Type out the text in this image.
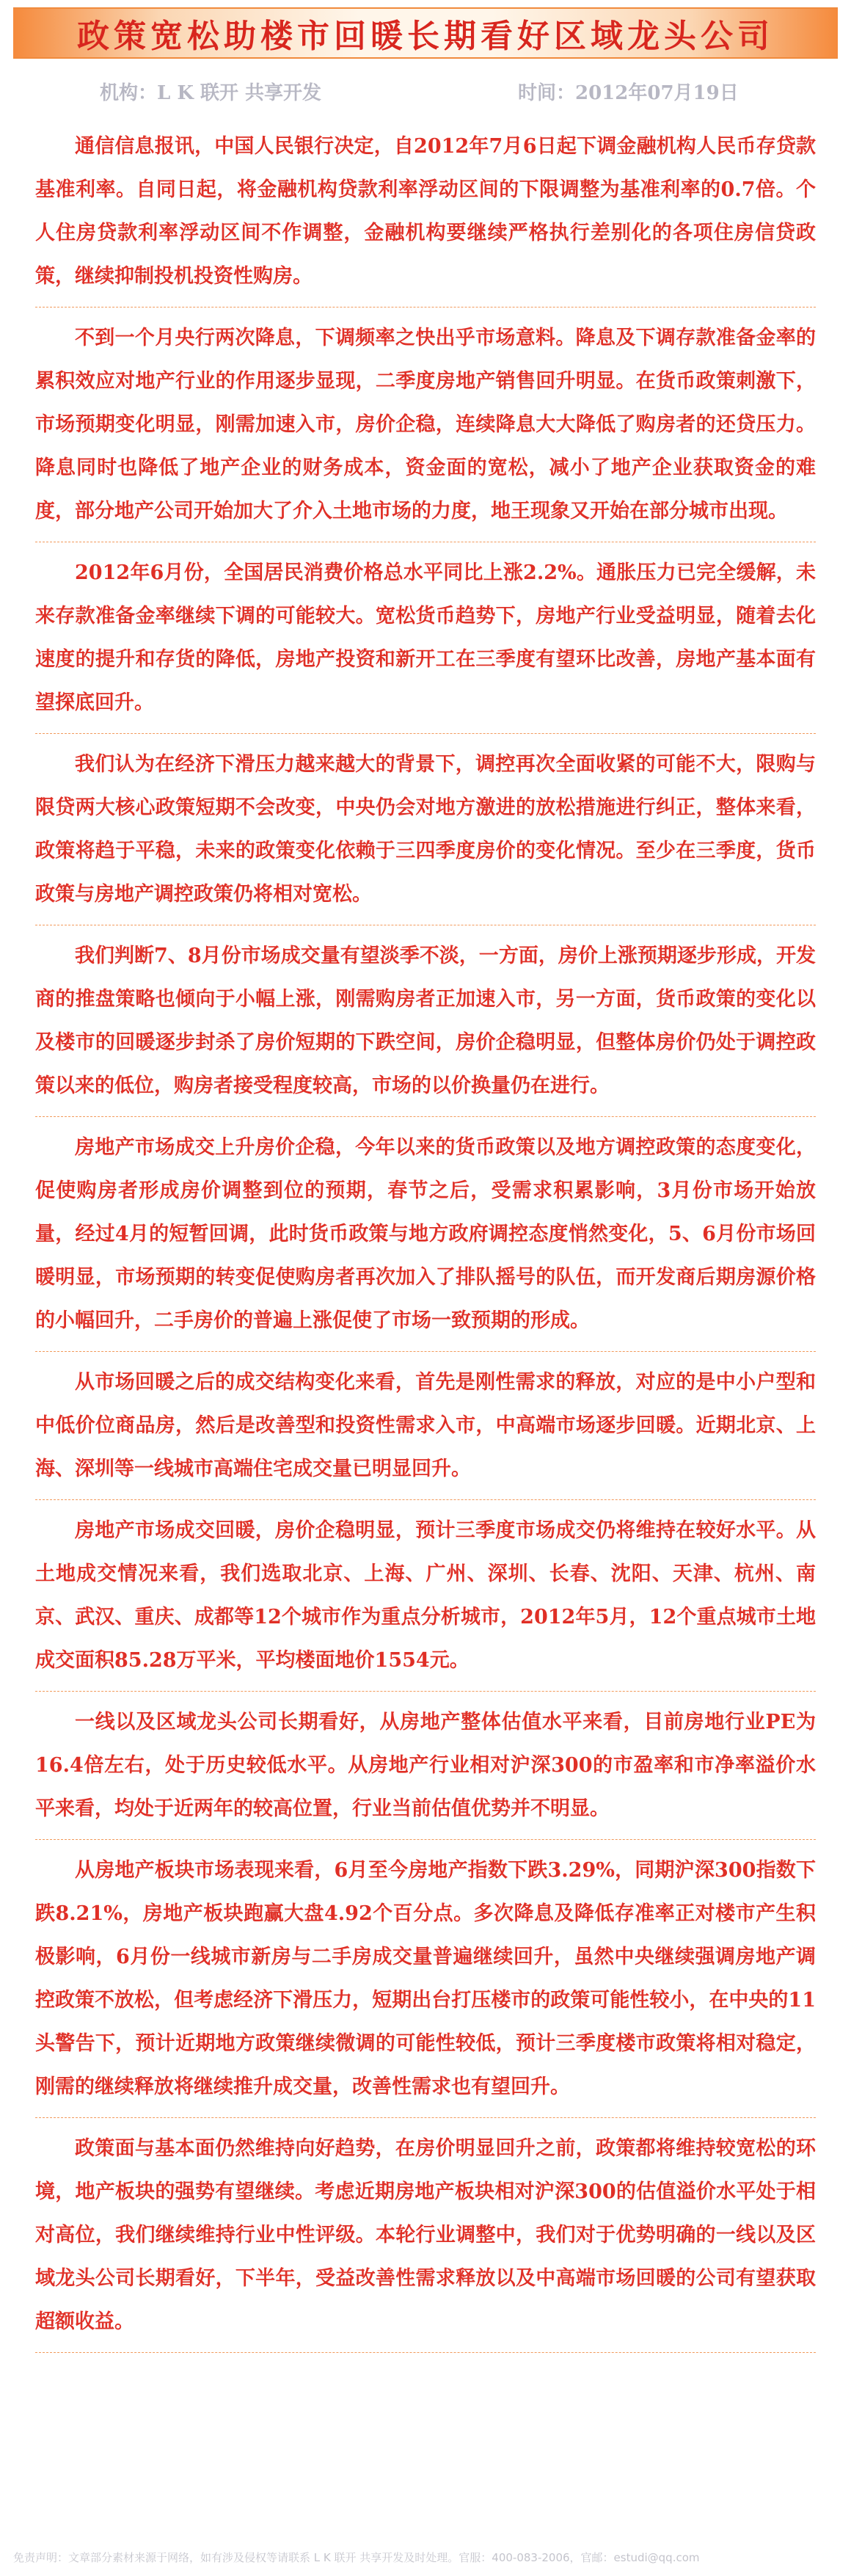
政策宽松助楼市回暖长期看好区域龙头公司
机构：L K 联开 共享开发	时间：2012年07月19日

通信信息报讯，中国人民银行决定，自2012年7月6日起下调金融机构人民币存贷款基准利率。自同日起，将金融机构贷款利率浮动区间的下限调整为基准利率的0.7倍。个人住房贷款利率浮动区间不作调整，金融机构要继续严格执行差别化的各项住房信贷政策，继续抑制投机投资性购房。

不到一个月央行两次降息，下调频率之快出乎市场意料。降息及下调存款准备金率的累积效应对地产行业的作用逐步显现，二季度房地产销售回升明显。在货币政策刺激下，市场预期变化明显，刚需加速入市，房价企稳，连续降息大大降低了购房者的还贷压力。降息同时也降低了地产企业的财务成本，资金面的宽松，减小了地产企业获取资金的难度，部分地产公司开始加大了介入土地市场的力度，地王现象又开始在部分城市出现。

2012年6月份，全国居民消费价格总水平同比上涨2.2%。通胀压力已完全缓解，未来存款准备金率继续下调的可能较大。宽松货币趋势下，房地产行业受益明显，随着去化速度的提升和存货的降低，房地产投资和新开工在三季度有望环比改善，房地产基本面有望探底回升。

我们认为在经济下滑压力越来越大的背景下，调控再次全面收紧的可能不大，限购与限贷两大核心政策短期不会改变，中央仍会对地方激进的放松措施进行纠正，整体来看，政策将趋于平稳，未来的政策变化依赖于三四季度房价的变化情况。至少在三季度，货币政策与房地产调控政策仍将相对宽松。

我们判断7、8月份市场成交量有望淡季不淡，一方面，房价上涨预期逐步形成，开发商的推盘策略也倾向于小幅上涨，刚需购房者正加速入市，另一方面，货币政策的变化以及楼市的回暖逐步封杀了房价短期的下跌空间，房价企稳明显，但整体房价仍处于调控政策以来的低位，购房者接受程度较高，市场的以价换量仍在进行。

房地产市场成交上升房价企稳，今年以来的货币政策以及地方调控政策的态度变化，促使购房者形成房价调整到位的预期，春节之后，受需求积累影响，3月份市场开始放量，经过4月的短暂回调，此时货币政策与地方政府调控态度悄然变化，5、6月份市场回暖明显，市场预期的转变促使购房者再次加入了排队摇号的队伍，而开发商后期房源价格的小幅回升，二手房价的普遍上涨促使了市场一致预期的形成。

从市场回暖之后的成交结构变化来看，首先是刚性需求的释放，对应的是中小户型和中低价位商品房，然后是改善型和投资性需求入市，中高端市场逐步回暖。近期北京、上海、深圳等一线城市高端住宅成交量已明显回升。

房地产市场成交回暖，房价企稳明显，预计三季度市场成交仍将维持在较好水平。从土地成交情况来看，我们选取北京、上海、广州、深圳、长春、沈阳、天津、杭州、南京、武汉、重庆、成都等12个城市作为重点分析城市，2012年5月，12个重点城市土地成交面积85.28万平米，平均楼面地价1554元。

一线以及区域龙头公司长期看好，从房地产整体估值水平来看，目前房地行业PE为16.4倍左右，处于历史较低水平。从房地产行业相对沪深300的市盈率和市净率溢价水平来看，均处于近两年的较高位置，行业当前估值优势并不明显。

从房地产板块市场表现来看，6月至今房地产指数下跌3.29%，同期沪深300指数下跌8.21%，房地产板块跑赢大盘4.92个百分点。多次降息及降低存准率正对楼市产生积极影响，6月份一线城市新房与二手房成交量普遍继续回升，虽然中央继续强调房地产调控政策不放松，但考虑经济下滑压力，短期出台打压楼市的政策可能性较小，在中央的11头警告下，预计近期地方政策继续微调的可能性较低，预计三季度楼市政策将相对稳定，刚需的继续释放将继续推升成交量，改善性需求也有望回升。

政策面与基本面仍然维持向好趋势，在房价明显回升之前，政策都将维持较宽松的环境，地产板块的强势有望继续。考虑近期房地产板块相对沪深300的估值溢价水平处于相对高位，我们继续维持行业中性评级。本轮行业调整中，我们对于优势明确的一线以及区域龙头公司长期看好，下半年，受益改善性需求释放以及中高端市场回暖的公司有望获取超额收益。

免责声明：文章部分素材来源于网络，如有涉及侵权等请联系 L K 联开 共享开发及时处理。官服：400-083-2006，官邮：estudi@qq.com
